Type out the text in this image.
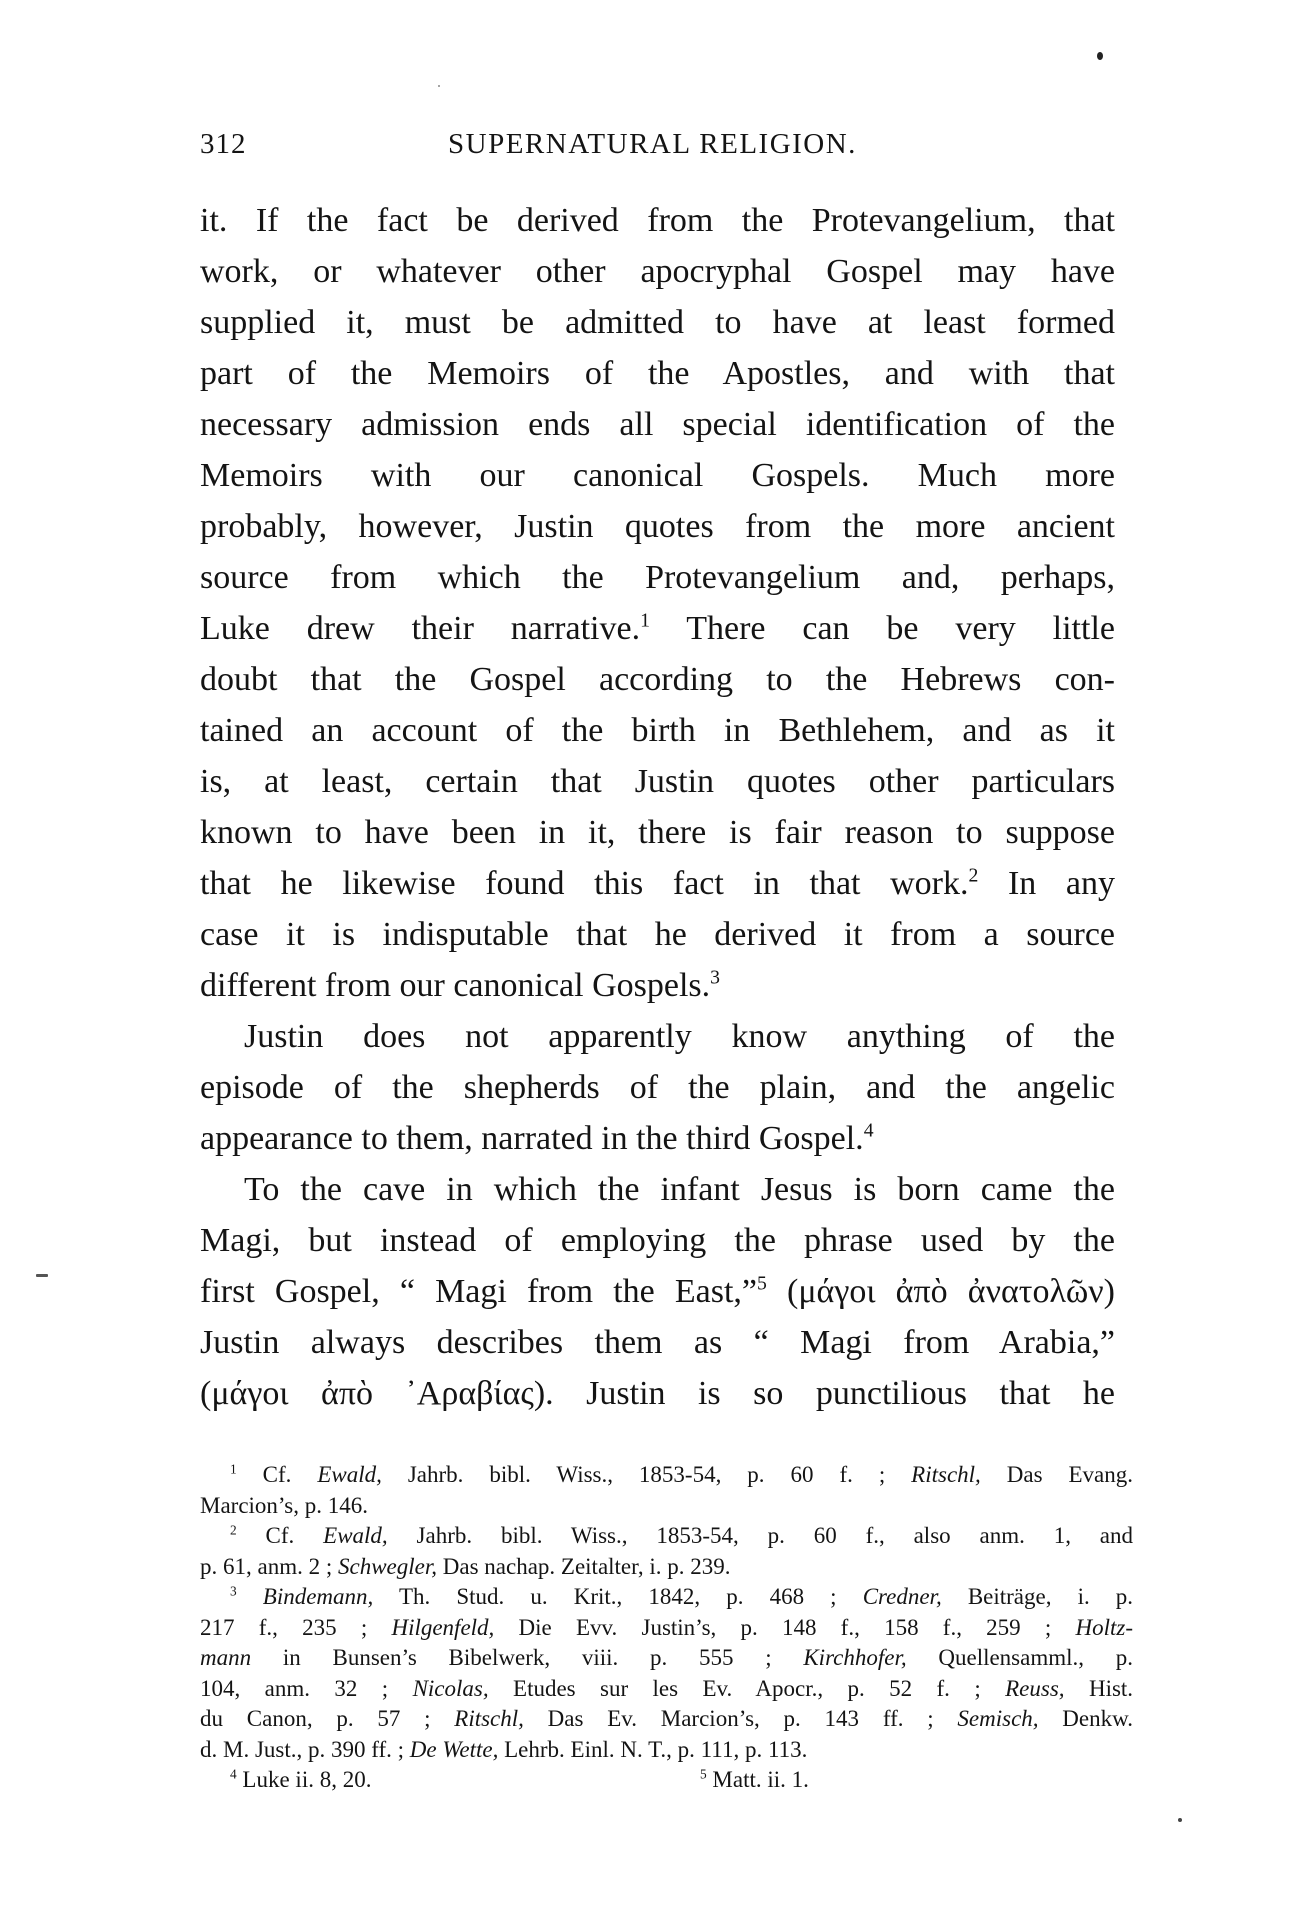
312	SUPERNATURAL RELIGION.
it. If the fact be derived from the Protevangelium, that
work, or whatever other apocryphal Gospel may have
supplied it, must be admitted to have at least formed
part of the Memoirs of the Apostles, and with that
necessary admission ends all special identification of the
Memoirs with our canonical Gospels. Much more
probably, however, Justin quotes from the more ancient
source from which the Protevangelium and, perhaps,
Luke drew their narrative.$^1$ There can be very little
doubt that the Gospel according to the Hebrews con-
tained an account of the birth in Bethlehem, and as it
is, at least, certain that Justin quotes other particulars
known to have been in it, there is fair reason to suppose
that he likewise found this fact in that work.$^2$ In any
case it is indisputable that he derived it from a source
different from our canonical Gospels.$^3$
Justin does not apparently know anything of the
episode of the shepherds of the plain, and the angelic
appearance to them, narrated in the third Gospel.$^4$
To the cave in which the infant Jesus is born came the
Magi, but instead of employing the phrase used by the
first Gospel, “ Magi from the East,”$^5$ (μάγοι ἀπὸ ἀνατολῶν)
Justin always describes them as “ Magi from Arabia,”
(μάγοι ἀπὸ ᾽Αραβίας). Justin is so punctilious that he
$^1$ Cf. Ewald, Jahrb. bibl. Wiss., 1853-54, p. 60 f. ; Ritschl, Das Evang.
Marcion’s, p. 146.
$^2$ Cf. Ewald, Jahrb. bibl. Wiss., 1853-54, p. 60 f., also anm. 1, and
p. 61, anm. 2 ; Schwegler, Das nachap. Zeitalter, i. p. 239.
$^3$ Bindemann, Th. Stud. u. Krit., 1842, p. 468 ; Credner, Beiträge, i. p.
217 f., 235 ; Hilgenfeld, Die Evv. Justin’s, p. 148 f., 158 f., 259 ; Holtz-
mann in Bunsen’s Bibelwerk, viii. p. 555 ; Kirchhofer, Quellensamml., p.
104, anm. 32 ; Nicolas, Etudes sur les Ev. Apocr., p. 52 f. ; Reuss, Hist.
du Canon, p. 57 ; Ritschl, Das Ev. Marcion’s, p. 143 ff. ; Semisch, Denkw.
d. M. Just., p. 390 ff. ; De Wette, Lehrb. Einl. N. T., p. 111, p. 113.
$^4$ Luke ii. 8, 20.	$^5$ Matt. ii. 1.
